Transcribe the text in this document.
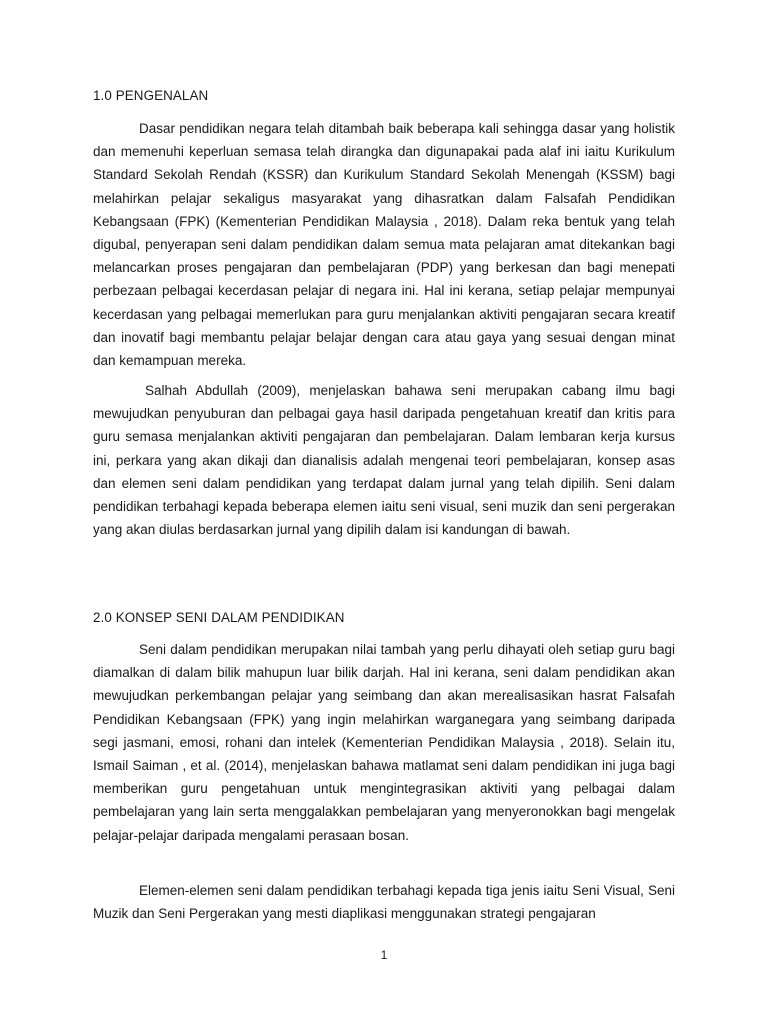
1.0 PENGENALAN

Dasar pendidikan negara telah ditambah baik beberapa kali sehingga dasar yang holistik dan memenuhi keperluan semasa telah dirangka dan digunapakai pada alaf ini iaitu Kurikulum Standard Sekolah Rendah (KSSR) dan Kurikulum Standard Sekolah Menengah (KSSM) bagi melahirkan pelajar sekaligus masyarakat yang dihasratkan dalam Falsafah Pendidikan Kebangsaan (FPK) (Kementerian Pendidikan Malaysia , 2018). Dalam reka bentuk yang telah digubal, penyerapan seni dalam pendidikan dalam semua mata pelajaran amat ditekankan bagi melancarkan proses pengajaran dan pembelajaran (PDP) yang berkesan dan bagi menepati perbezaan pelbagai kecerdasan pelajar di negara ini. Hal ini kerana, setiap pelajar mempunyai kecerdasan yang pelbagai memerlukan para guru menjalankan aktiviti pengajaran secara kreatif dan inovatif bagi membantu pelajar belajar dengan cara atau gaya yang sesuai dengan minat dan kemampuan mereka.

Salhah Abdullah (2009), menjelaskan bahawa seni merupakan cabang ilmu bagi mewujudkan penyuburan dan pelbagai gaya hasil daripada pengetahuan kreatif dan kritis para guru semasa menjalankan aktiviti pengajaran dan pembelajaran. Dalam lembaran kerja kursus ini, perkara yang akan dikaji dan dianalisis adalah mengenai teori pembelajaran, konsep asas dan elemen seni dalam pendidikan yang terdapat dalam jurnal yang telah dipilih. Seni dalam pendidikan terbahagi kepada beberapa elemen iaitu seni visual, seni muzik dan seni pergerakan yang akan diulas berdasarkan jurnal yang dipilih dalam isi kandungan di bawah.

2.0 KONSEP SENI DALAM PENDIDIKAN

Seni dalam pendidikan merupakan nilai tambah yang perlu dihayati oleh setiap guru bagi diamalkan di dalam bilik mahupun luar bilik darjah. Hal ini kerana, seni dalam pendidikan akan mewujudkan perkembangan pelajar yang seimbang dan akan merealisasikan hasrat Falsafah Pendidikan Kebangsaan (FPK) yang ingin melahirkan warganegara yang seimbang daripada segi jasmani, emosi, rohani dan intelek (Kementerian Pendidikan Malaysia , 2018). Selain itu, Ismail Saiman , et al. (2014), menjelaskan bahawa matlamat seni dalam pendidikan ini juga bagi memberikan guru pengetahuan untuk mengintegrasikan aktiviti yang pelbagai dalam pembelajaran yang lain serta menggalakkan pembelajaran yang menyeronokkan bagi mengelak pelajar-pelajar daripada mengalami perasaan bosan.

Elemen-elemen seni dalam pendidikan terbahagi kepada tiga jenis iaitu Seni Visual, Seni Muzik dan Seni Pergerakan yang mesti diaplikasi menggunakan strategi pengajaran

1
